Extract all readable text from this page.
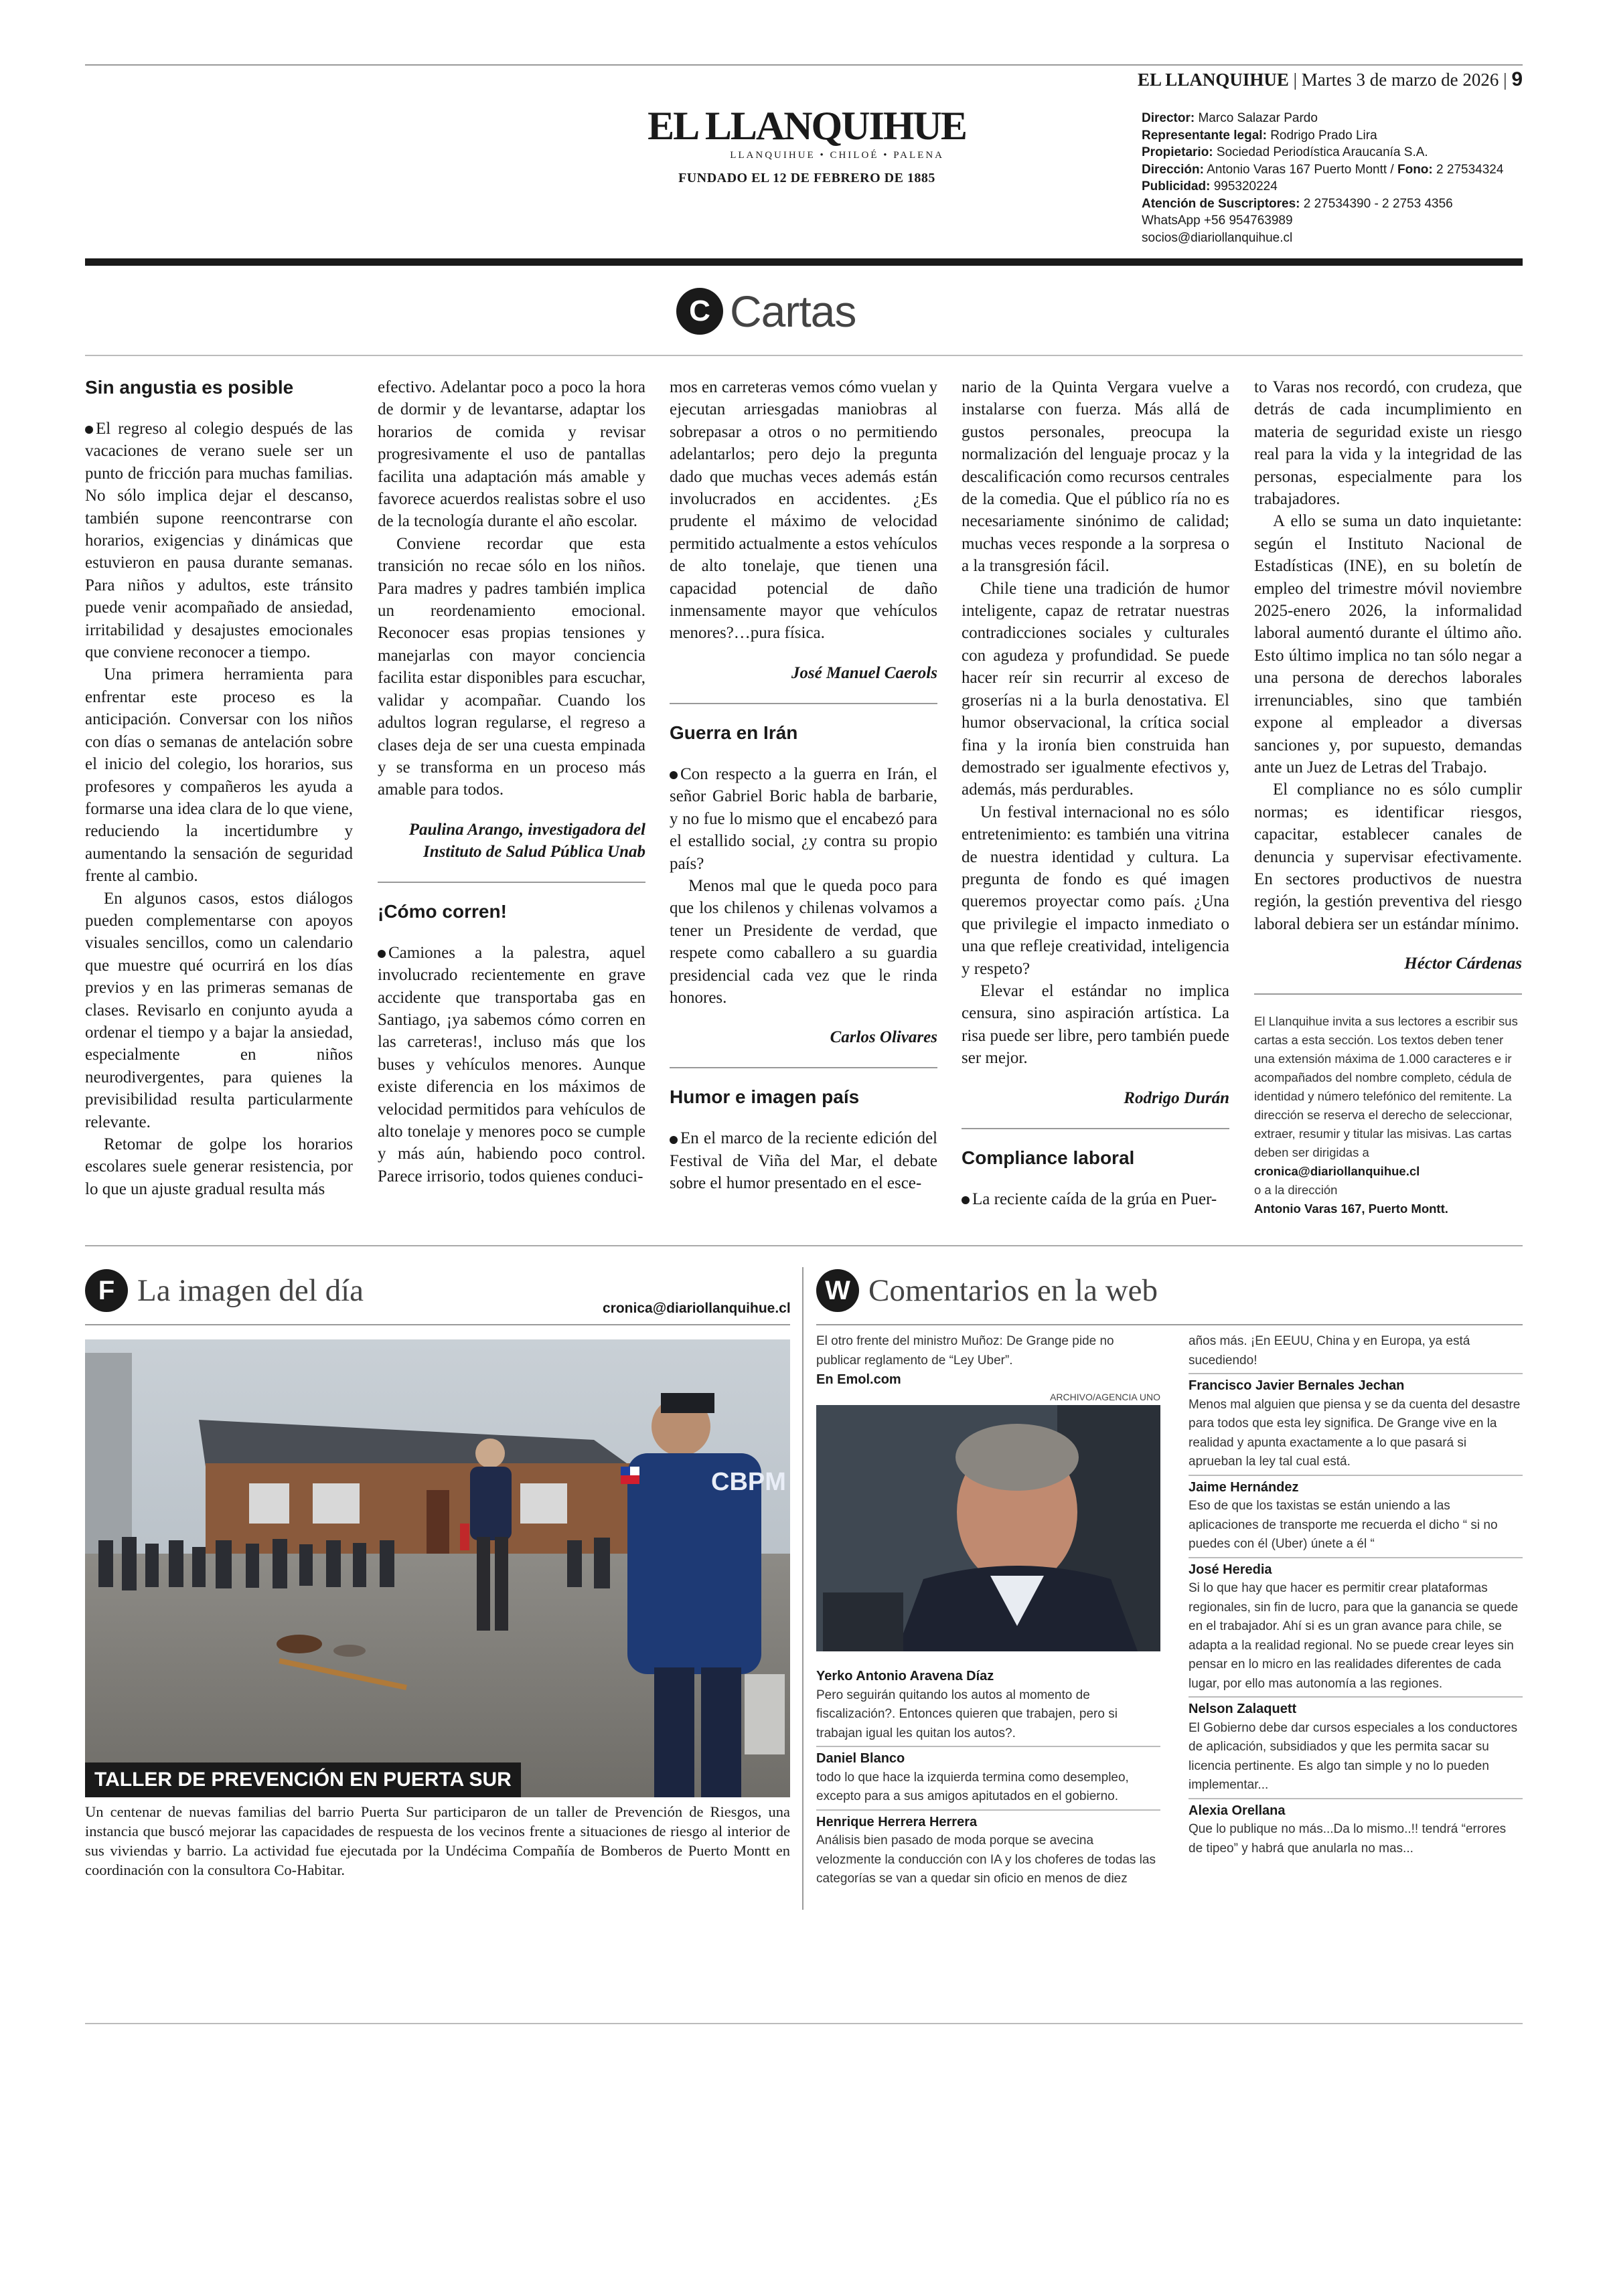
EL LLANQUIHUE | Martes 3 de marzo de 2026 | 9
EL LLANQUIHUE
LLANQUIHUE • CHILOÉ • PALENA
FUNDADO EL 12 DE FEBRERO DE 1885
Director: Marco Salazar Pardo
Representante legal: Rodrigo Prado Lira
Propietario: Sociedad Periodística Araucanía S.A.
Dirección: Antonio Varas 167 Puerto Montt / Fono: 2 27534324
Publicidad: 995320224
Atención de Suscriptores: 2 27534390 - 2 2753 4356
WhatsApp +56 954763989
socios@diariollanquihue.cl
C Cartas
Sin angustia es posible

El regreso al colegio después de las vacaciones de verano suele ser un punto de fricción para muchas familias. No sólo implica dejar el descanso, también supone reencontrarse con horarios, exigencias y dinámicas que estuvieron en pausa durante semanas. Para niños y adultos, este tránsito puede venir acompañado de ansiedad, irritabilidad y desajustes emocionales que conviene reconocer a tiempo.

Una primera herramienta para enfrentar este proceso es la anticipación. Conversar con los niños con días o semanas de antelación sobre el inicio del colegio, los horarios, sus profesores y compañeros les ayuda a formarse una idea clara de lo que viene, reduciendo la incertidumbre y aumentando la sensación de seguridad frente al cambio.

En algunos casos, estos diálogos pueden complementarse con apoyos visuales sencillos, como un calendario que muestre qué ocurrirá en los días previos y en las primeras semanas de clases. Revisarlo en conjunto ayuda a ordenar el tiempo y a bajar la ansiedad, especialmente en niños neurodivergentes, para quienes la previsibilidad resulta particularmente relevante.

Retomar de golpe los horarios escolares suele generar resistencia, por lo que un ajuste gradual resulta más

efectivo. Adelantar poco a poco la hora de dormir y de levantarse, adaptar los horarios de comida y revisar progresivamente el uso de pantallas facilita una adaptación más amable y favorece acuerdos realistas sobre el uso de la tecnología durante el año escolar.

Conviene recordar que esta transición no recae sólo en los niños. Para madres y padres también implica un reordenamiento emocional. Reconocer esas propias tensiones y manejarlas con mayor conciencia facilita estar disponibles para escuchar, validar y acompañar. Cuando los adultos logran regularse, el regreso a clases deja de ser una cuesta empinada y se transforma en un proceso más amable para todos.

Paulina Arango, investigadora del Instituto de Salud Pública Unab
¡Cómo corren!

Camiones a la palestra, aquel involucrado recientemente en grave accidente que transportaba gas en Santiago, ¡ya sabemos cómo corren en las carreteras!, incluso más que los buses y vehículos menores. Aunque existe diferencia en los máximos de velocidad permitidos para vehículos de alto tonelaje y menores poco se cumple y más aún, habiendo poco control. Parece irrisorio, todos quienes conduci-

mos en carreteras vemos cómo vuelan y ejecutan arriesgadas maniobras al sobrepasar a otros o no permitiendo adelantarlos; pero dejo la pregunta dado que muchas veces además están involucrados en accidentes. ¿Es prudente el máximo de velocidad permitido actualmente a estos vehículos de alto tonelaje, que tienen una capacidad potencial de daño inmensamente mayor que vehículos menores?…pura física.

José Manuel Caerols
Guerra en Irán

Con respecto a la guerra en Irán, el señor Gabriel Boric habla de barbarie, y no fue lo mismo que el encabezó para el estallido social, ¿y contra su propio país?

Menos mal que le queda poco para que los chilenos y chilenas volvamos a tener un Presidente de verdad, que respete como caballero a su guardia presidencial cada vez que le rinda honores.

Carlos Olivares
Humor e imagen país

En el marco de la reciente edición del Festival de Viña del Mar, el debate sobre el humor presentado en el esce-

nario de la Quinta Vergara vuelve a instalarse con fuerza. Más allá de gustos personales, preocupa la normalización del lenguaje procaz y la descalificación como recursos centrales de la comedia. Que el público ría no es necesariamente sinónimo de calidad; muchas veces responde a la sorpresa o a la transgresión fácil.

Chile tiene una tradición de humor inteligente, capaz de retratar nuestras contradicciones sociales y culturales con agudeza y profundidad. Se puede hacer reír sin recurrir al exceso de groserías ni a la burla denostativa. El humor observacional, la crítica social fina y la ironía bien construida han demostrado ser igualmente efectivos y, además, más perdurables.

Un festival internacional no es sólo entretenimiento: es también una vitrina de nuestra identidad y cultura. La pregunta de fondo es qué imagen queremos proyectar como país. ¿Una que privilegie el impacto inmediato o una que refleje creatividad, inteligencia y respeto?

Elevar el estándar no implica censura, sino aspiración artística. La risa puede ser libre, pero también puede ser mejor.

Rodrigo Durán
Compliance laboral

La reciente caída de la grúa en Puer-

to Varas nos recordó, con crudeza, que detrás de cada incumplimiento en materia de seguridad existe un riesgo real para la vida y la integridad de las personas, especialmente para los trabajadores.

A ello se suma un dato inquietante: según el Instituto Nacional de Estadísticas (INE), en su boletín de empleo del trimestre móvil noviembre 2025-enero 2026, la informalidad laboral aumentó durante el último año. Esto último implica no tan sólo negar a una persona de derechos laborales irrenunciables, sino que también expone al empleador a diversas sanciones y, por supuesto, demandas ante un Juez de Letras del Trabajo.

El compliance no es sólo cumplir normas; es identificar riesgos, capacitar, establecer canales de denuncia y supervisar efectivamente. En sectores productivos de nuestra región, la gestión preventiva del riesgo laboral debiera ser un estándar mínimo.

Héctor Cárdenas
El Llanquihue invita a sus lectores a escribir sus cartas a esta sección. Los textos deben tener una extensión máxima de 1.000 caracteres e ir acompañados del nombre completo, cédula de identidad y número telefónico del remitente. La dirección se reserva el derecho de seleccionar, extraer, resumir y titular las misivas. Las cartas deben ser dirigidas a
cronica@diariollanquihue.cl
o a la dirección
Antonio Varas 167, Puerto Montt.
F La imagen del día
cronica@diariollanquihue.cl
CBPM
TALLER DE PREVENCIÓN EN PUERTA SUR
Un centenar de nuevas familias del barrio Puerta Sur participaron de un taller de Prevención de Riesgos, una instancia que buscó mejorar las capacidades de respuesta de los vecinos frente a situaciones de riesgo al interior de sus viviendas y barrio. La actividad fue ejecutada por la Undécima Compañía de Bomberos de Puerto Montt en coordinación con la consultora Co-Habitar.
W Comentarios en la web
El otro frente del ministro Muñoz: De Grange pide no publicar reglamento de “Ley Uber”.
En Emol.com
ARCHIVO/AGENCIA UNO
Yerko Antonio Aravena Díaz
Pero seguirán quitando los autos al momento de fiscalización?. Entonces quieren que trabajen, pero si trabajan igual les quitan los autos?.
Daniel Blanco
todo lo que hace la izquierda termina como desempleo, excepto para a sus amigos apitutados en el gobierno.
Henrique Herrera Herrera
Análisis bien pasado de moda porque se avecina velozmente la conducción con IA y los choferes de todas las categorías se van a quedar sin oficio en menos de diez
años más. ¡En EEUU, China y en Europa, ya está sucediendo!
Francisco Javier Bernales Jechan
Menos mal alguien que piensa y se da cuenta del desastre para todos que esta ley significa. De Grange vive en la realidad y apunta exactamente a lo que pasará si aprueban la ley tal cual está.
Jaime Hernández
Eso de que los taxistas se están uniendo a las aplicaciones de transporte me recuerda el dicho “ si no puedes con él (Uber) únete a él “
José Heredia
Si lo que hay que hacer es permitir crear plataformas regionales, sin fin de lucro, para que la ganancia se quede en el trabajador. Ahí si es un gran avance para chile, se adapta a la realidad regional. No se puede crear leyes sin pensar en lo micro en las realidades diferentes de cada lugar, por ello mas autonomía a las regiones.
Nelson Zalaquett
El Gobierno debe dar cursos especiales a los conductores de aplicación, subsidiados y que les permita sacar su licencia pertinente. Es algo tan simple y no lo pueden implementar...
Alexia Orellana
Que lo publique no más...Da lo mismo..!! tendrá “errores de tipeo” y habrá que anularla no mas...
